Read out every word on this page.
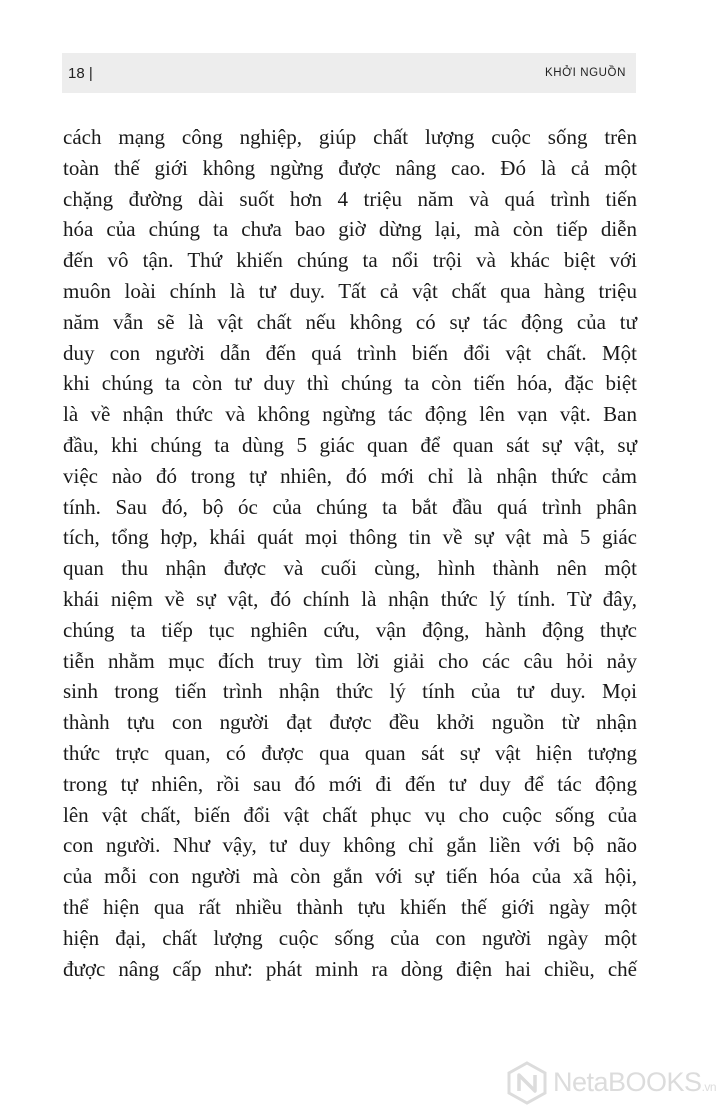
18 |	KHỞI NGUỒN
cách mạng công nghiệp, giúp chất lượng cuộc sống trên
toàn thế giới không ngừng được nâng cao. Đó là cả một
chặng đường dài suốt hơn 4 triệu năm và quá trình tiến
hóa của chúng ta chưa bao giờ dừng lại, mà còn tiếp diễn
đến vô tận. Thứ khiến chúng ta nổi trội và khác biệt với
muôn loài chính là tư duy. Tất cả vật chất qua hàng triệu
năm vẫn sẽ là vật chất nếu không có sự tác động của tư
duy con người dẫn đến quá trình biến đổi vật chất. Một
khi chúng ta còn tư duy thì chúng ta còn tiến hóa, đặc biệt
là về nhận thức và không ngừng tác động lên vạn vật. Ban
đầu, khi chúng ta dùng 5 giác quan để quan sát sự vật, sự
việc nào đó trong tự nhiên, đó mới chỉ là nhận thức cảm
tính. Sau đó, bộ óc của chúng ta bắt đầu quá trình phân
tích, tổng hợp, khái quát mọi thông tin về sự vật mà 5 giác
quan thu nhận được và cuối cùng, hình thành nên một
khái niệm về sự vật, đó chính là nhận thức lý tính. Từ đây,
chúng ta tiếp tục nghiên cứu, vận động, hành động thực
tiễn nhằm mục đích truy tìm lời giải cho các câu hỏi nảy
sinh trong tiến trình nhận thức lý tính của tư duy. Mọi
thành tựu con người đạt được đều khởi nguồn từ nhận
thức trực quan, có được qua quan sát sự vật hiện tượng
trong tự nhiên, rồi sau đó mới đi đến tư duy để tác động
lên vật chất, biến đổi vật chất phục vụ cho cuộc sống của
con người. Như vậy, tư duy không chỉ gắn liền với bộ não
của mỗi con người mà còn gắn với sự tiến hóa của xã hội,
thể hiện qua rất nhiều thành tựu khiến thế giới ngày một
hiện đại, chất lượng cuộc sống của con người ngày một
được nâng cấp như: phát minh ra dòng điện hai chiều, chế
NetaBOOKS.vn
